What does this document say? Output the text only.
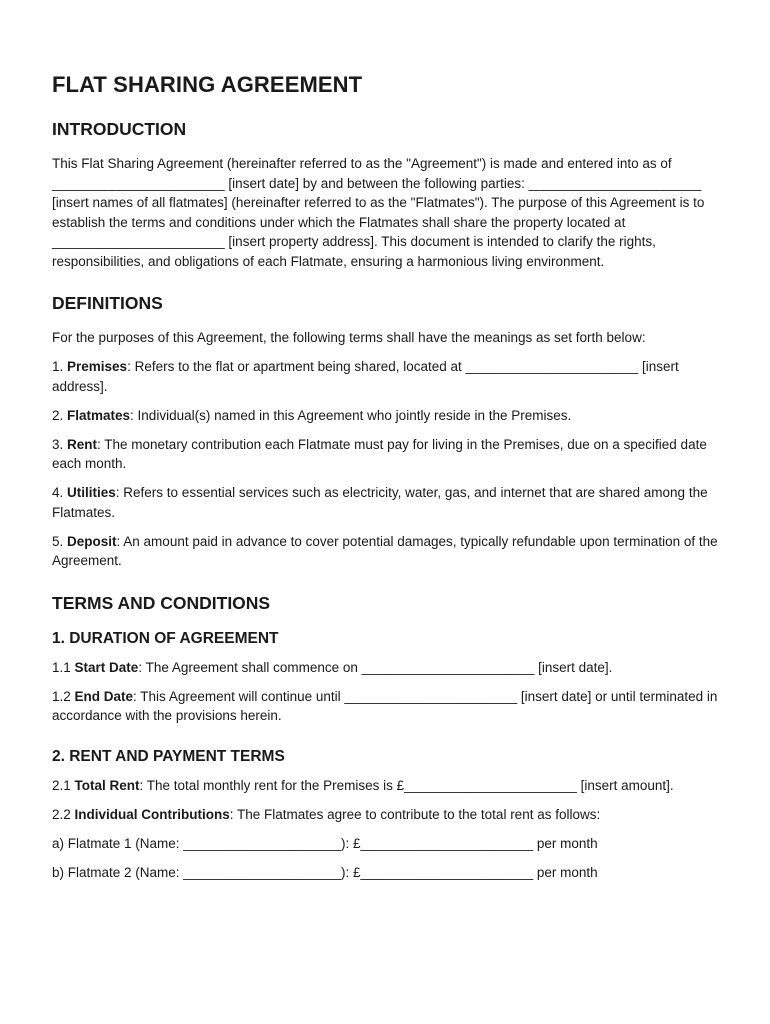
FLAT SHARING AGREEMENT
INTRODUCTION

This Flat Sharing Agreement (hereinafter referred to as the "Agreement") is made and entered into as of _______________________ [insert date] by and between the following parties: _______________________ [insert names of all flatmates] (hereinafter referred to as the "Flatmates"). The purpose of this Agreement is to establish the terms and conditions under which the Flatmates shall share the property located at _______________________ [insert property address]. This document is intended to clarify the rights, responsibilities, and obligations of each Flatmate, ensuring a harmonious living environment.

DEFINITIONS

For the purposes of this Agreement, the following terms shall have the meanings as set forth below:

1. Premises: Refers to the flat or apartment being shared, located at _______________________ [insert address].

2. Flatmates: Individual(s) named in this Agreement who jointly reside in the Premises.

3. Rent: The monetary contribution each Flatmate must pay for living in the Premises, due on a specified date each month.

4. Utilities: Refers to essential services such as electricity, water, gas, and internet that are shared among the Flatmates.

5. Deposit: An amount paid in advance to cover potential damages, typically refundable upon termination of the Agreement.

TERMS AND CONDITIONS
1. DURATION OF AGREEMENT

1.1 Start Date: The Agreement shall commence on _______________________ [insert date].

1.2 End Date: This Agreement will continue until _______________________ [insert date] or until terminated in accordance with the provisions herein.

2. RENT AND PAYMENT TERMS

2.1 Total Rent: The total monthly rent for the Premises is £_______________________ [insert amount].

2.2 Individual Contributions: The Flatmates agree to contribute to the total rent as follows:

a) Flatmate 1 (Name: _____________________): £_______________________ per month

b) Flatmate 2 (Name: _____________________): £_______________________ per month
